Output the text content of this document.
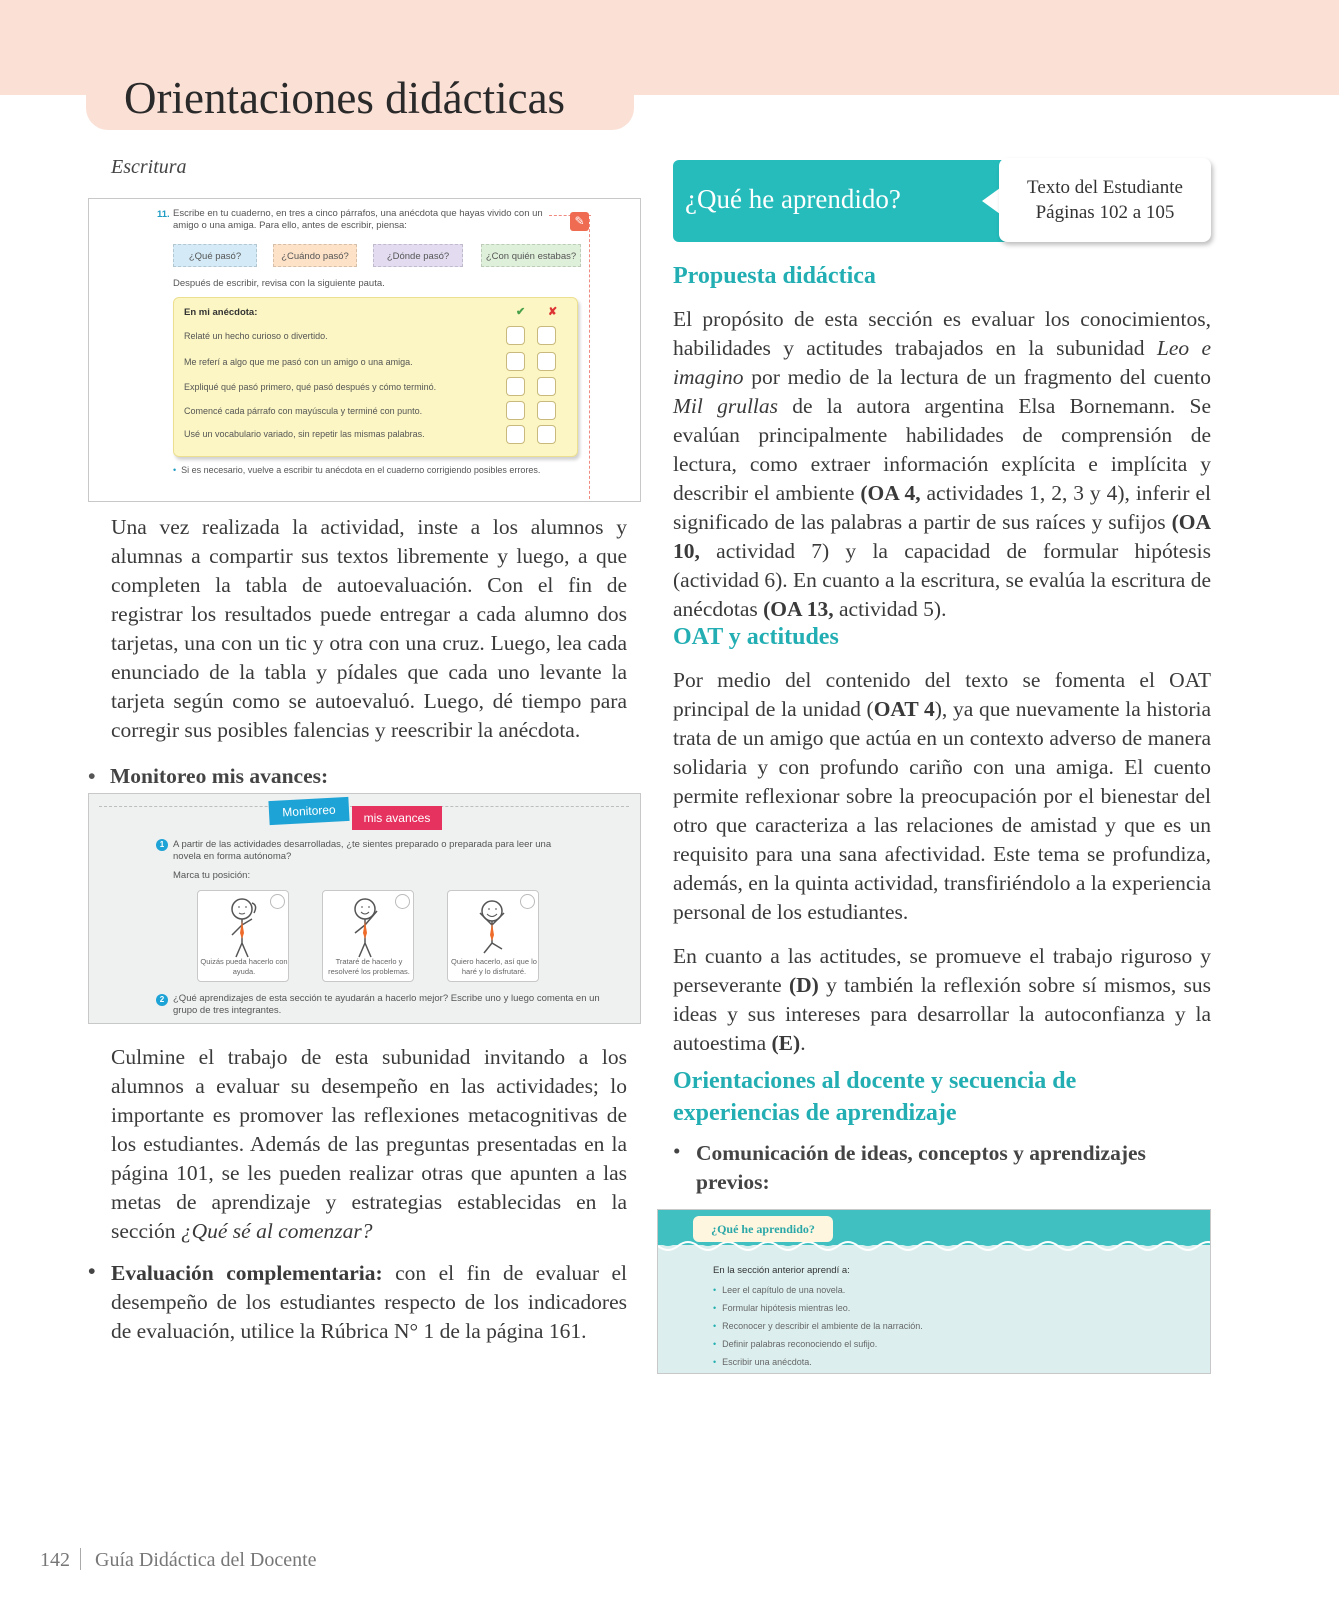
Orientaciones didácticas
Escritura
✎
11. Escribe en tu cuaderno, en tres a cinco párrafos, una anécdota que hayas vivido con un amigo o una amiga. Para ello, antes de escribir, piensa:
¿Qué pasó?	¿Cuándo pasó?	¿Dónde pasó?	¿Con quién estabas?
Después de escribir, revisa con la siguiente pauta.
En mi anécdota:	✔ ✘
Relaté un hecho curioso o divertido.
Me referí a algo que me pasó con un amigo o una amiga.
Expliqué qué pasó primero, qué pasó después y cómo terminó.
Comencé cada párrafo con mayúscula y terminé con punto.
Usé un vocabulario variado, sin repetir las mismas palabras.
• Si es necesario, vuelve a escribir tu anécdota en el cuaderno corrigiendo posibles errores.

Una vez realizada la actividad, inste a los alumnos y alumnas a compartir sus textos libremente y luego, a que completen la tabla de autoevaluación. Con el fin de registrar los resultados puede entregar a cada alumno dos tarjetas, una con un tic y otra con una cruz. Luego, lea cada enunciado de la tabla y pídales que cada uno levante la tarjeta según como se autoevaluó. Luego, dé tiempo para corregir sus posibles falencias y reescribir la anécdota.

• Monitoreo mis avances:
Monitoreo	mis avances
1 A partir de las actividades desarrolladas, ¿te sientes preparado o preparada para leer una novela en forma autónoma?
Marca tu posición:
Quizás pueda hacerlo con ayuda.
Trataré de hacerlo y resolveré los problemas.
Quiero hacerlo, así que lo haré y lo disfrutaré.
2 ¿Qué aprendizajes de esta sección te ayudarán a hacerlo mejor? Escribe uno y luego comenta en un grupo de tres integrantes.

Culmine el trabajo de esta subunidad invitando a los alumnos a evaluar su desempeño en las actividades; lo importante es promover las reflexiones metacognitivas de los estudiantes. Además de las preguntas presentadas en la página 101, se les pueden realizar otras que apunten a las metas de aprendizaje y estrategias establecidas en la sección ¿Qué sé al comenzar?

• Evaluación complementaria: con el fin de evaluar el desempeño de los estudiantes respecto de los indicadores de evaluación, utilice la Rúbrica N° 1 de la página 161.

¿Qué he aprendido?	Texto del Estudiante
Páginas 102 a 105
Propuesta didáctica

El propósito de esta sección es evaluar los conocimientos, habilidades y actitudes trabajados en la subunidad Leo e imagino por medio de la lectura de un fragmento del cuento Mil grullas de la autora argentina Elsa Bornemann. Se evalúan principalmente habilidades de comprensión de lectura, como extraer información explícita e implícita y describir el ambiente (OA 4, actividades 1, 2, 3 y 4), inferir el significado de las palabras a partir de sus raíces y sufijos (OA 10, actividad 7) y la capacidad de formular hipótesis (actividad 6). En cuanto a la escritura, se evalúa la escritura de anécdotas (OA 13, actividad 5).

OAT y actitudes

Por medio del contenido del texto se fomenta el OAT principal de la unidad (OAT 4), ya que nuevamente la historia trata de un amigo que actúa en un contexto adverso de manera solidaria y con profundo cariño con una amiga. El cuento permite reflexionar sobre la preocupación por el bienestar del otro que caracteriza a las relaciones de amistad y que es un requisito para una sana afectividad. Este tema se profundiza, además, en la quinta actividad, transfiriéndolo a la experiencia personal de los estudiantes.

En cuanto a las actitudes, se promueve el trabajo riguroso y perseverante (D) y también la reflexión sobre sí mismos, sus ideas y sus intereses para desarrollar la autoconfianza y la autoestima (E).

Orientaciones al docente y secuencia de
experiencias de aprendizaje
• Comunicación de ideas, conceptos y aprendizajes previos:

¿Qué he aprendido?
En la sección anterior aprendí a:
• Leer el capítulo de una novela.
• Formular hipótesis mientras leo.
• Reconocer y describir el ambiente de la narración.
• Definir palabras reconociendo el sufijo.
• Escribir una anécdota.
142 Guía Didáctica del Docente
